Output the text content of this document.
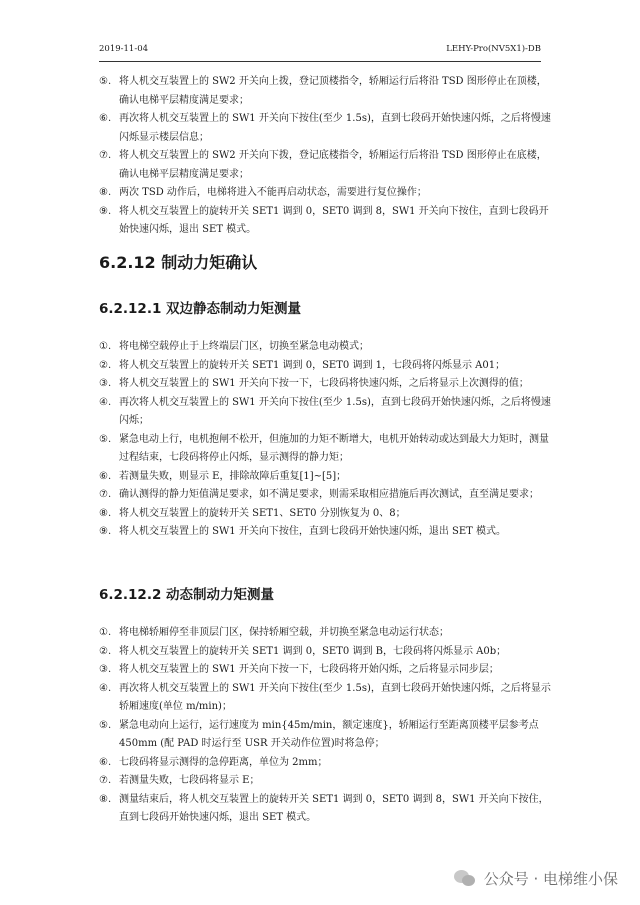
2019-11-04	LEHY-Pro(NV5X1)-DB
⑤. 将人机交互装置上的 SW2 开关向上拨，登记顶楼指令，轿厢运行后将沿 TSD 图形停止在顶楼，确认电梯平层精度满足要求；
⑥. 再次将人机交互装置上的 SW1 开关向下按住(至少 1.5s)，直到七段码开始快速闪烁，之后将慢速闪烁显示楼层信息；
⑦. 将人机交互装置上的 SW2 开关向下拨，登记底楼指令，轿厢运行后将沿 TSD 图形停止在底楼，确认电梯平层精度满足要求；
⑧. 两次 TSD 动作后，电梯将进入不能再启动状态，需要进行复位操作；
⑨. 将人机交互装置上的旋转开关 SET1 调到 0，SET0 调到 8，SW1 开关向下按住，直到七段码开始快速闪烁，退出 SET 模式。
6.2.12 制动力矩确认
6.2.12.1 双边静态制动力矩测量
①. 将电梯空载停止于上终端层门区，切换至紧急电动模式；
②. 将人机交互装置上的旋转开关 SET1 调到 0，SET0 调到 1，七段码将闪烁显示 A01；
③. 将人机交互装置上的 SW1 开关向下按一下，七段码将快速闪烁，之后将显示上次测得的值；
④. 再次将人机交互装置上的 SW1 开关向下按住(至少 1.5s)，直到七段码开始快速闪烁，之后将慢速闪烁；
⑤. 紧急电动上行，电机抱闸不松开，但施加的力矩不断增大，电机开始转动或达到最大力矩时，测量过程结束，七段码将停止闪烁，显示测得的静力矩；
⑥. 若测量失败，则显示 E，排除故障后重复[1]~[5]；
⑦. 确认测得的静力矩值满足要求，如不满足要求，则需采取相应措施后再次测试，直至满足要求；
⑧. 将人机交互装置上的旋转开关 SET1、SET0 分别恢复为 0、8；
⑨. 将人机交互装置上的 SW1 开关向下按住，直到七段码开始快速闪烁，退出 SET 模式。
6.2.12.2 动态制动力矩测量
①. 将电梯轿厢停至非顶层门区，保持轿厢空载，并切换至紧急电动运行状态；
②. 将人机交互装置上的旋转开关 SET1 调到 0，SET0 调到 B，七段码将闪烁显示 A0b；
③. 将人机交互装置上的 SW1 开关向下按一下，七段码将开始闪烁，之后将显示同步层；
④. 再次将人机交互装置上的 SW1 开关向下按住(至少 1.5s)，直到七段码开始快速闪烁，之后将显示轿厢速度(单位 m/min)；
⑤. 紧急电动向上运行，运行速度为 min{45m/min，额定速度}，轿厢运行至距离顶楼平层参考点 450mm (配 PAD 时运行至 USR 开关动作位置)时将急停；
⑥. 七段码将显示测得的急停距离，单位为 2mm；
⑦. 若测量失败，七段码将显示 E；
⑧. 测量结束后，将人机交互装置上的旋转开关 SET1 调到 0，SET0 调到 8，SW1 开关向下按住，直到七段码开始快速闪烁，退出 SET 模式。
公众号 · 电梯维小保
